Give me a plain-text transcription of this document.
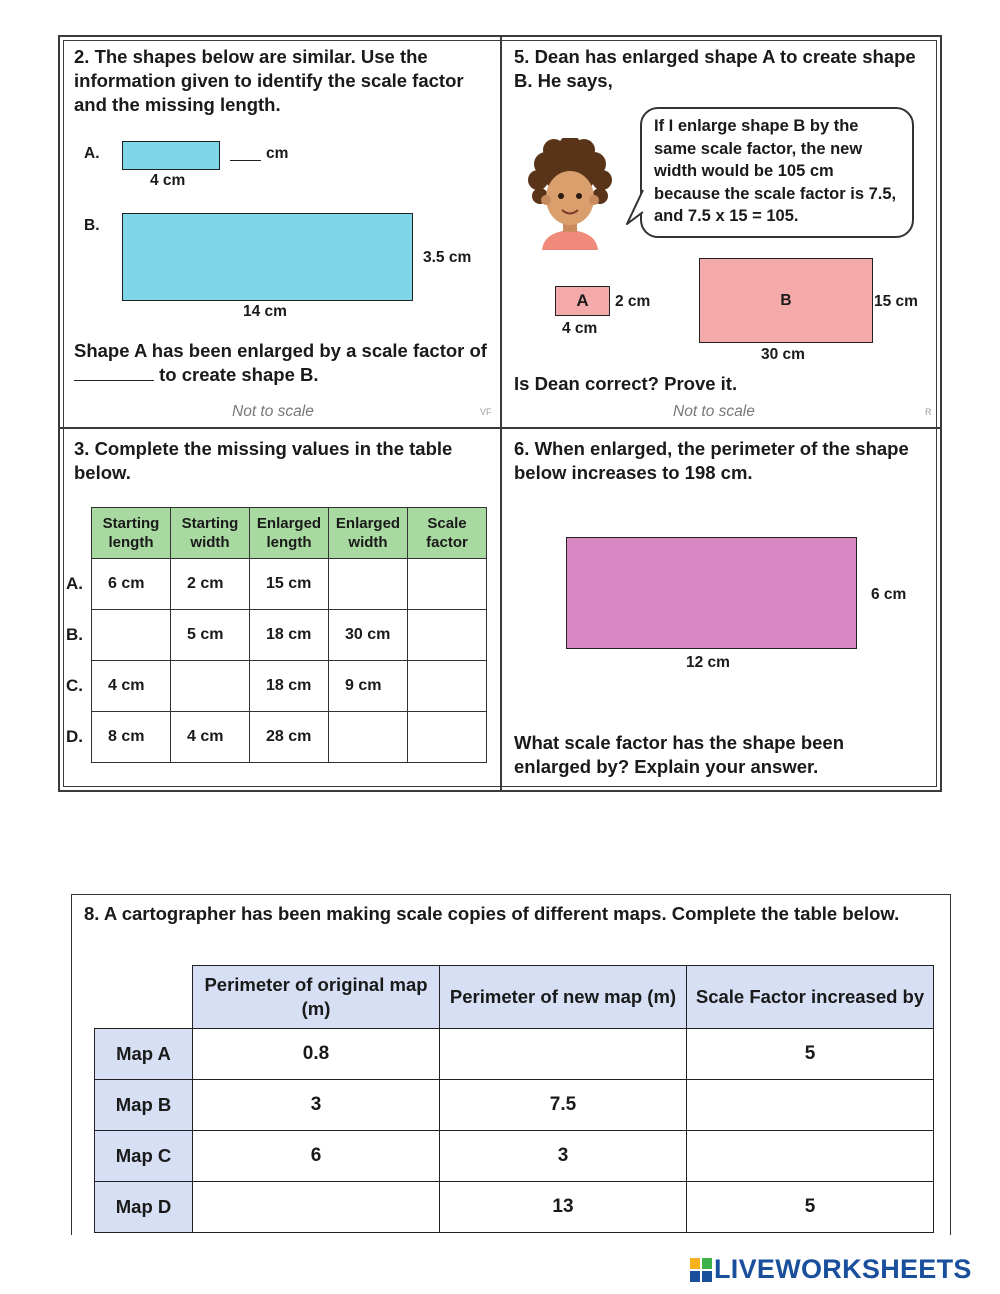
2. The shapes below are similar. Use the information given to identify the scale factor and the missing length.
A.	cm
4 cm
B.
3.5 cm
14 cm
Shape A has been enlarged by a scale factor of  to create shape B.
Not to scale	VF
5. Dean has enlarged shape A to create shape B. He says,
If I enlarge shape B by the same scale factor, the new width would be 105 cm because the scale factor is 7.5, and 7.5 x 15 = 105.
A 2 cm
4 cm
B	15 cm
30 cm
Is Dean correct? Prove it.
Not to scale	R
3. Complete the missing values in the table below.
	Starting length	Starting width	Enlarged length	Enlarged width	Scale factor
A.	6 cm	2 cm	15 cm		
B.		5 cm	18 cm	30 cm	
C.	4 cm		18 cm	9 cm	
D.	8 cm	4 cm	28 cm		
6. When enlarged, the perimeter of the shape below increases to 198 cm.
6 cm
12 cm
What scale factor has the shape been enlarged by? Explain your answer.
8. A cartographer has been making scale copies of different maps. Complete the table below.
	Perimeter of original map (m)	Perimeter of new map (m)	Scale Factor increased by
Map A	0.8		5
Map B	3	7.5	
Map C	6	3	
Map D		13	5
LIVEWORKSHEETS
